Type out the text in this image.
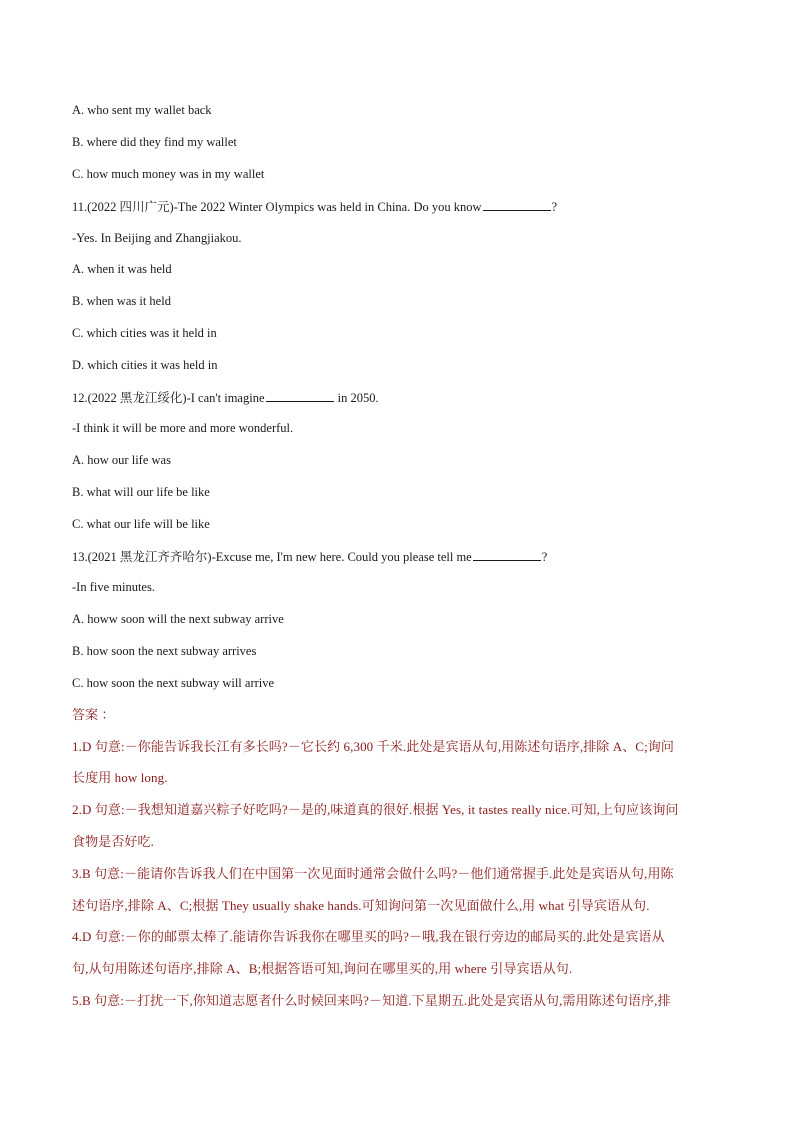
A. who sent my wallet back
B. where did they find my wallet
C. how much money was in my wallet
11.(2022 四川广元)-The 2022 Winter Olympics was held in China. Do you know	?
-Yes. In Beijing and Zhangjiakou.
A. when it was held
B. when was it held
C. which cities was it held in
D. which cities it was held in
12.(2022 黑龙江绥化)-I can't imagine	in 2050.
-I think it will be more and more wonderful.
A. how our life was
B. what will our life be like
C. what our life will be like
13.(2021 黑龙江齐齐哈尔)-Excuse me, I'm new here. Could you please tell me	?
-In five minutes.
A. howw soon will the next subway arrive
B. how soon the next subway arrives
C. how soon the next subway will arrive
答案 ：
1.D 句意:－你能告诉我长江有多长吗?－它长约 6,300 千米.此处是宾语从句,用陈述句语序,排除 A、C;询问
长度用 how long.
2.D 句意:－我想知道嘉兴粽子好吃吗?－是的,味道真的很好.根据 Yes, it tastes really nice.可知,上句应该询问
食物是否好吃.
3.B 句意:－能请你告诉我人们在中国第一次见面时通常会做什么吗?－他们通常握手.此处是宾语从句,用陈
述句语序,排除 A、C;根据 They usually shake hands.可知询问第一次见面做什么,用 what 引导宾语从句.
4.D 句意:－你的邮票太棒了.能请你告诉我你在哪里买的吗?－哦,我在银行旁边的邮局买的.此处是宾语从
句,从句用陈述句语序,排除 A、B;根据答语可知,询问在哪里买的,用 where 引导宾语从句.
5.B 句意:－打扰一下,你知道志愿者什么时候回来吗?－知道.下星期五.此处是宾语从句,需用陈述句语序,排
